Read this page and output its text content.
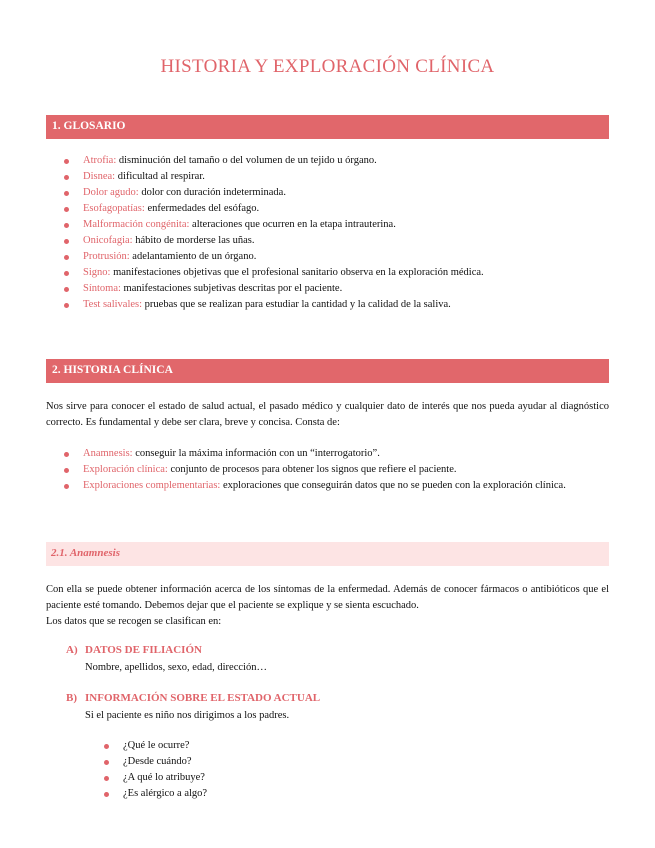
HISTORIA Y EXPLORACIÓN CLÍNICA
1. GLOSARIO
Atrofia: disminución del tamaño o del volumen de un tejido u órgano.
Disnea: dificultad al respirar.
Dolor agudo: dolor con duración indeterminada.
Esofagopatías: enfermedades del esófago.
Malformación congénita: alteraciones que ocurren en la etapa intrauterina.
Onicofagia: hábito de morderse las uñas.
Protrusión: adelantamiento de un órgano.
Signo: manifestaciones objetivas que el profesional sanitario observa en la exploración médica.
Síntoma: manifestaciones subjetivas descritas por el paciente.
Test salivales: pruebas que se realizan para estudiar la cantidad y la calidad de la saliva.
2. HISTORIA CLÍNICA

Nos sirve para conocer el estado de salud actual, el pasado médico y cualquier dato de interés que nos pueda ayudar al diagnóstico correcto. Es fundamental y debe ser clara, breve y concisa. Consta de:

Anamnesis: conseguir la máxima información con un “interrogatorio”.
Exploración clínica: conjunto de procesos para obtener los signos que refiere el paciente.
Exploraciones complementarias: exploraciones que conseguirán datos que no se pueden con la exploración clínica.
2.1. Anamnesis

Con ella se puede obtener información acerca de los síntomas de la enfermedad. Además de conocer fármacos o antibióticos que el paciente esté tomando. Debemos dejar que el paciente se explique y se sienta escuchado.

Los datos que se recogen se clasifican en:

A) DATOS DE FILIACIÓN
Nombre, apellidos, sexo, edad, dirección…
B) INFORMACIÓN SOBRE EL ESTADO ACTUAL
Si el paciente es niño nos dirigimos a los padres.
¿Qué le ocurre?
¿Desde cuándo?
¿A qué lo atribuye?
¿Es alérgico a algo?
